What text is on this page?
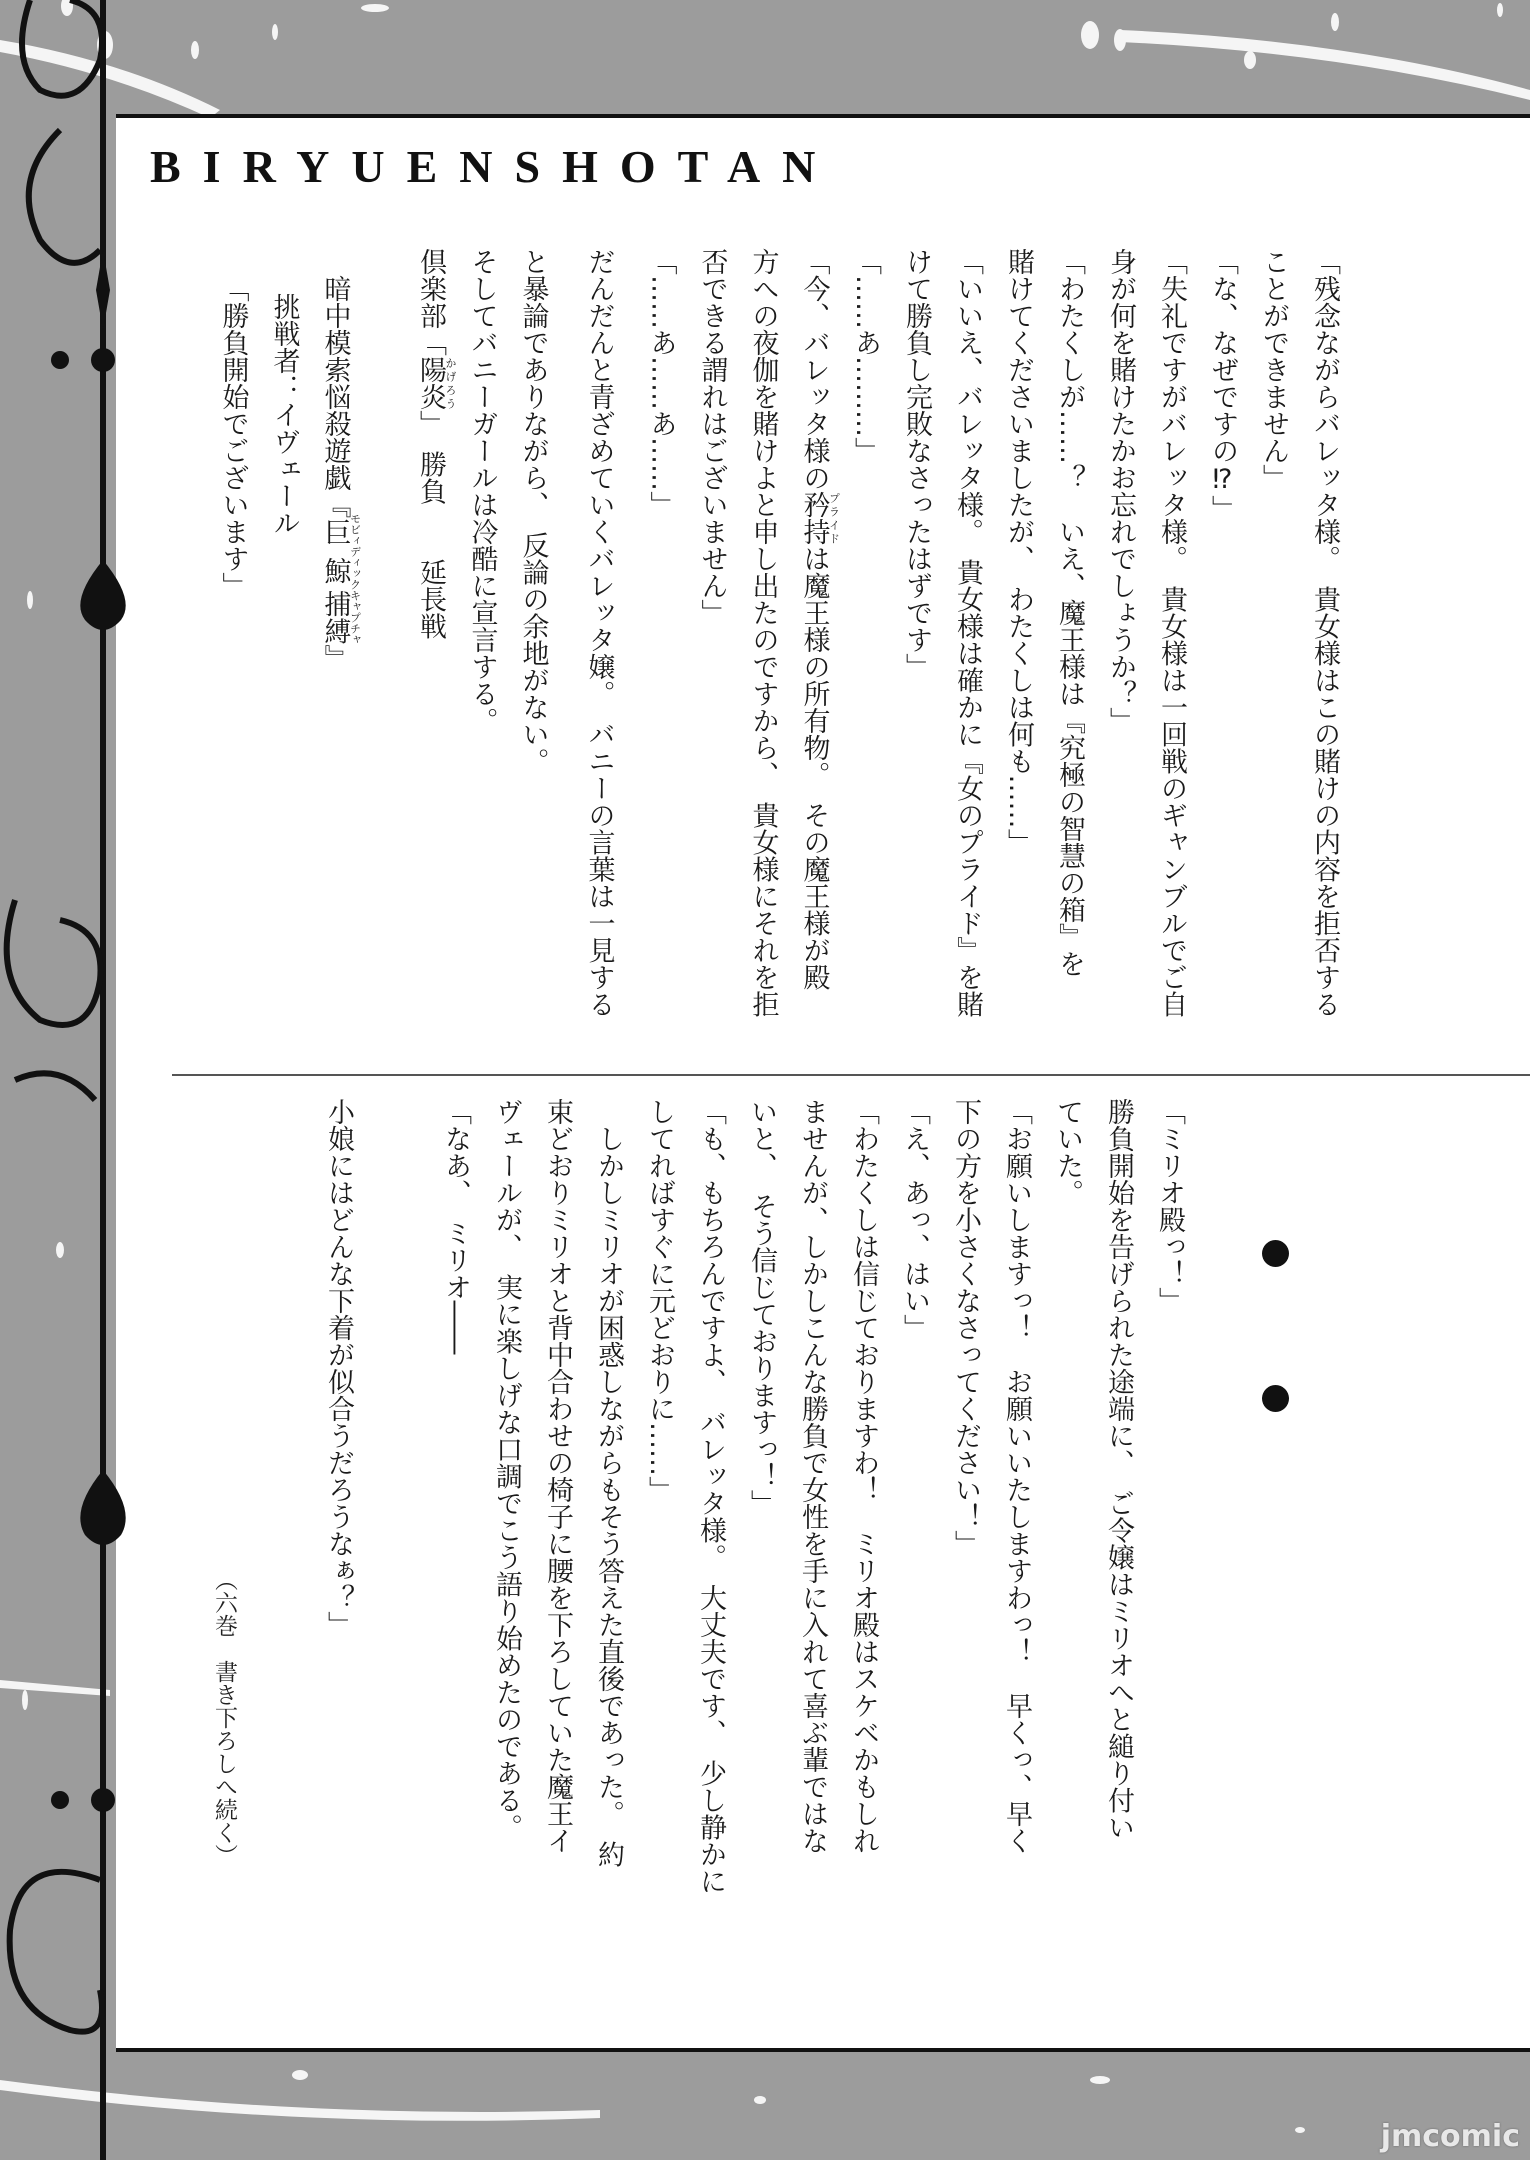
BIRYUENSHOTAN
「残念ながらバレッタ様。　貴女様はこの賭けの内容を拒否する
ことができません」
「な、なぜですの⁉」
「失礼ですがバレッタ様。　貴女様は一回戦のギャンブルでご自
身が何を賭けたかお忘れでしょうか？」
「わたくしが……？　いえ、魔王様は『究極の智慧の箱』を
賭けてくださいましたが、　わたくしは何も……」
「いいえ、バレッタ様。　貴女様は確かに『女のプライド』を賭
けて勝負し完敗なさったはずです」
「……あ………」
「今、バレッタ様の矜持プライドは魔王様の所有物。　その魔王様が殿
方への夜伽を賭けよと申し出たのですから、　貴女様にそれを拒
否できる謂れはございません」
「……あ……あ……」
だんだんと青ざめていくバレッタ嬢。　バニーの言葉は一見する
と暴論でありながら、　反論の余地がない。
そしてバニーガールは冷酷に宣言する。
倶楽部「陽炎かげろう」　勝負　　延長戦
暗中模索悩殺遊戯『巨鯨モビィディック捕縛キャプチャ』
挑戦者：イヴェール
「勝負開始でございます」
「ミリオ殿っ！」
勝負開始を告げられた途端に、　ご令嬢はミリオへと縋り付い
ていた。
「お願いしますっ！　お願いいたしますわっ！　早くっ、早く
下の方を小さくなさってください！」
「え、あっ、はい」
「わたくしは信じておりますわ！　ミリオ殿はスケベかもしれ
ませんが、しかしこんな勝負で女性を手に入れて喜ぶ輩ではな
いと、　そう信じておりますっ！」
「も、もちろんですよ、　バレッタ様。　大丈夫です、　少し静かに
してればすぐに元どおりに……」
　しかしミリオが困惑しながらもそう答えた直後であった。　約
束どおりミリオと背中合わせの椅子に腰を下ろしていた魔王イ
ヴェールが、　実に楽しげな口調でこう語り始めたのである。
「なあ、　ミリオ――
小娘にはどんな下着が似合うだろうなぁ？」
（六巻　書き下ろしへ続く）
jmcomic
